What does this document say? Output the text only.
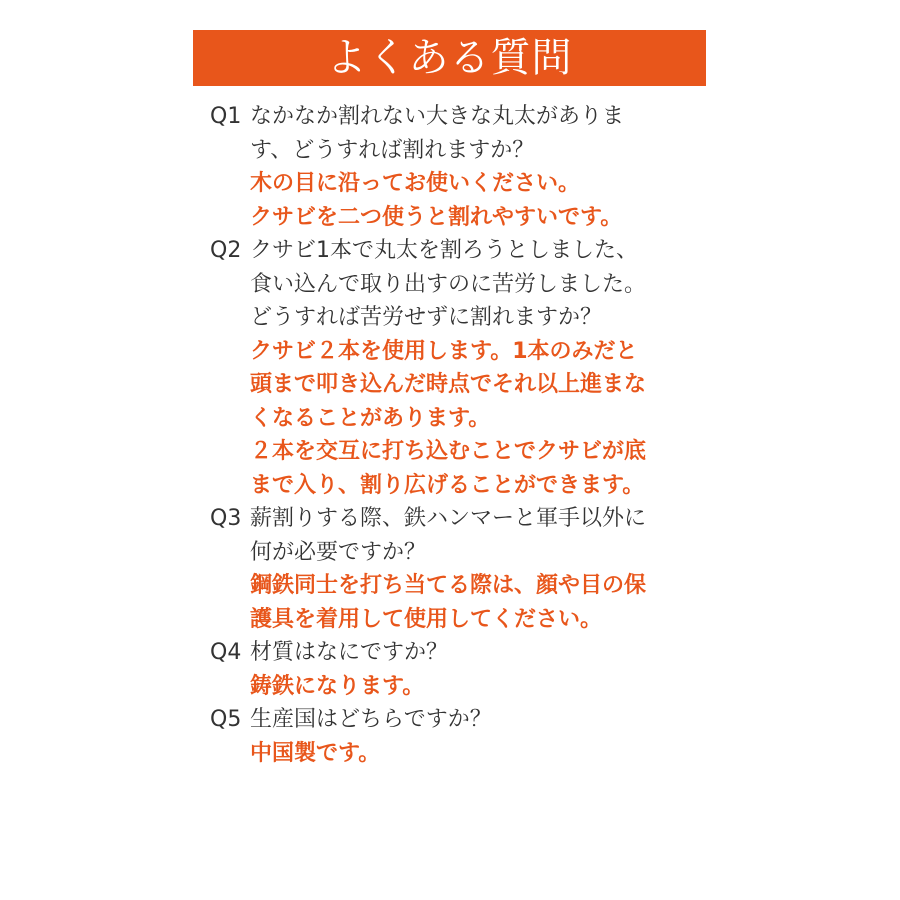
よくある質問
Q1 なかなか割れない大きな丸太がありま
す、どうすれば割れますか？
木の目に沿ってお使いください。
クサビを二つ使うと割れやすいです。
Q2 クサビ1本で丸太を割ろうとしました、
食い込んで取り出すのに苦労しました。
どうすれば苦労せずに割れますか？
クサビ２本を使用します。1本のみだと
頭まで叩き込んだ時点でそれ以上進まな
くなることがあります。
２本を交互に打ち込むことでクサビが底
まで入り、割り広げることができます。
Q3 薪割りする際、鉄ハンマーと軍手以外に
何が必要ですか？
鋼鉄同士を打ち当てる際は、顔や目の保
護具を着用して使用してください。
Q4 材質はなにですか？
鋳鉄になります。
Q5 生産国はどちらですか？
中国製です。
